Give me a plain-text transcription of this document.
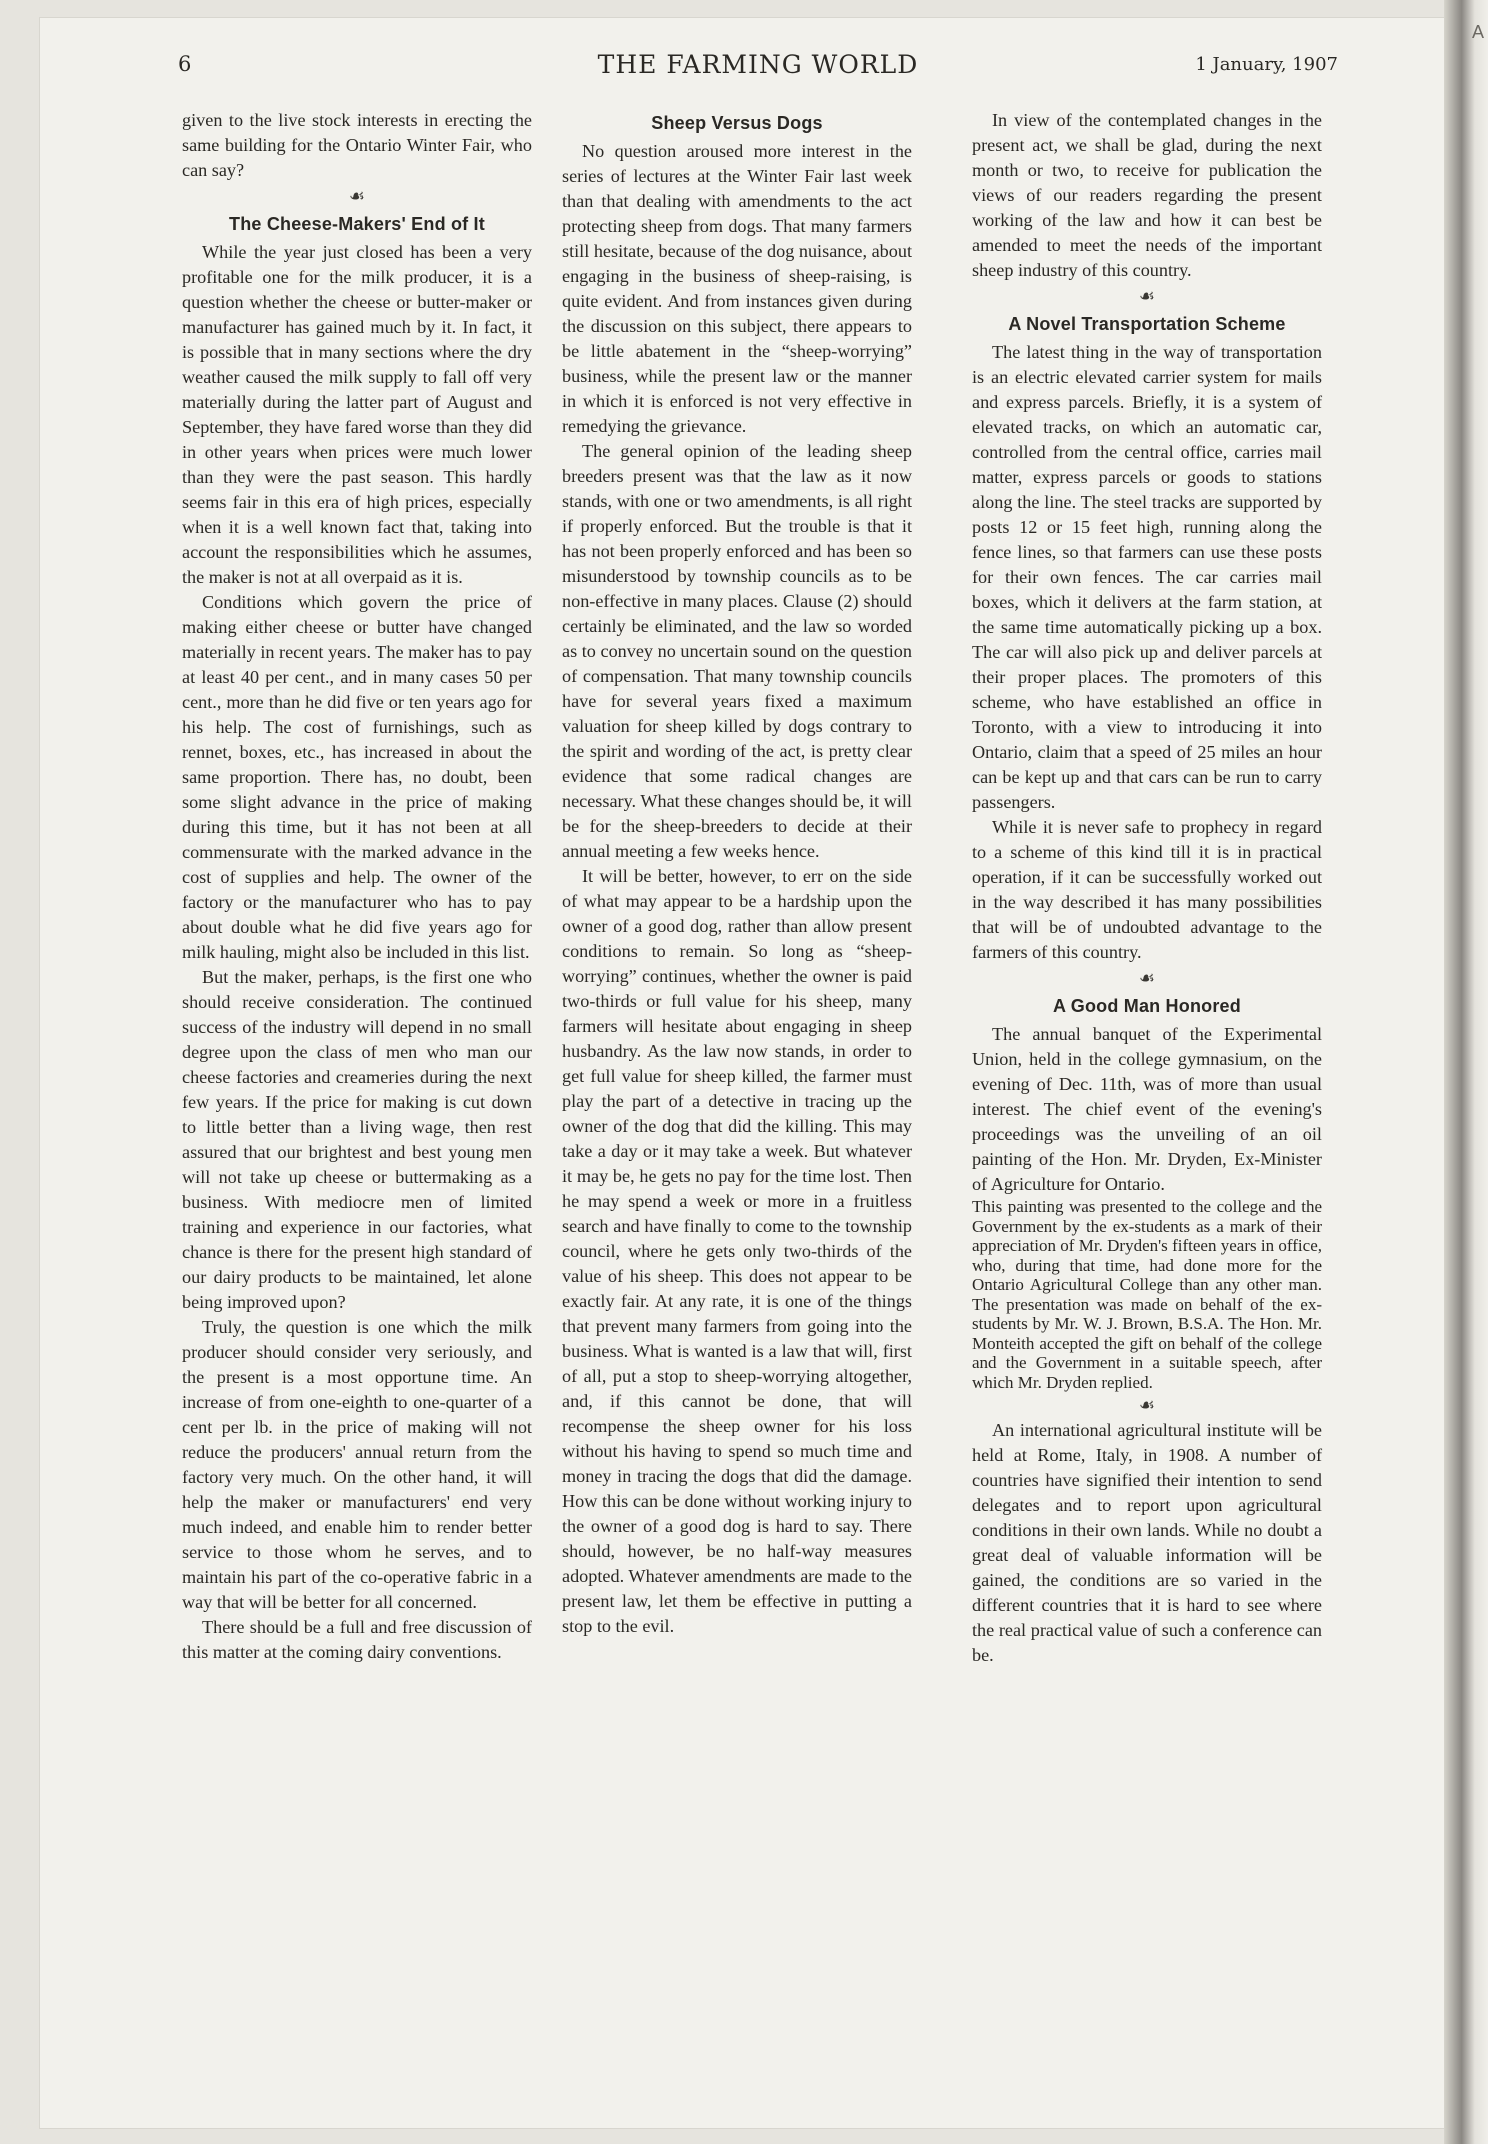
A
6	THE FARMING WORLD	1 January, 1907

given to the live stock interests in erecting the same building for the Ontario Winter Fair, who can say?

☙
The Cheese-Makers' End of It

While the year just closed has been a very profitable one for the milk producer, it is a question whether the cheese or butter-maker or manufacturer has gained much by it. In fact, it is possible that in many sections where the dry weather caused the milk supply to fall off very materially during the latter part of August and September, they have fared worse than they did in other years when prices were much lower than they were the past season. This hardly seems fair in this era of high prices, especially when it is a well known fact that, taking into account the responsibilities which he assumes, the maker is not at all overpaid as it is.

Conditions which govern the price of making either cheese or butter have changed materially in recent years. The maker has to pay at least 40 per cent., and in many cases 50 per cent., more than he did five or ten years ago for his help. The cost of furnishings, such as rennet, boxes, etc., has increased in about the same proportion. There has, no doubt, been some slight advance in the price of making during this time, but it has not been at all commensurate with the marked advance in the cost of supplies and help. The owner of the factory or the manufacturer who has to pay about double what he did five years ago for milk hauling, might also be included in this list.

But the maker, perhaps, is the first one who should receive consideration. The continued success of the industry will depend in no small degree upon the class of men who man our cheese factories and creameries during the next few years. If the price for making is cut down to little better than a living wage, then rest assured that our brightest and best young men will not take up cheese or buttermaking as a business. With mediocre men of limited training and experience in our factories, what chance is there for the present high standard of our dairy products to be maintained, let alone being improved upon?

Truly, the question is one which the milk producer should consider very seriously, and the present is a most opportune time. An increase of from one-eighth to one-quarter of a cent per lb. in the price of making will not reduce the producers' annual return from the factory very much. On the other hand, it will help the maker or manufacturers' end very much indeed, and enable him to render better service to those whom he serves, and to maintain his part of the co-operative fabric in a way that will be better for all concerned.

There should be a full and free discussion of this matter at the coming dairy conventions.

Sheep Versus Dogs

No question aroused more interest in the series of lectures at the Winter Fair last week than that dealing with amendments to the act protecting sheep from dogs. That many farmers still hesitate, because of the dog nuisance, about engaging in the business of sheep-raising, is quite evident. And from instances given during the discussion on this subject, there appears to be little abatement in the “sheep-worrying” business, while the present law or the manner in which it is enforced is not very effective in remedying the grievance.

The general opinion of the leading sheep breeders present was that the law as it now stands, with one or two amendments, is all right if properly enforced. But the trouble is that it has not been properly enforced and has been so misunderstood by township councils as to be non-effective in many places. Clause (2) should certainly be eliminated, and the law so worded as to convey no uncertain sound on the question of compensation. That many township councils have for several years fixed a maximum valuation for sheep killed by dogs contrary to the spirit and wording of the act, is pretty clear evidence that some radical changes are necessary. What these changes should be, it will be for the sheep-breeders to decide at their annual meeting a few weeks hence.

It will be better, however, to err on the side of what may appear to be a hardship upon the owner of a good dog, rather than allow present conditions to remain. So long as “sheep-worrying” continues, whether the owner is paid two-thirds or full value for his sheep, many farmers will hesitate about engaging in sheep husbandry. As the law now stands, in order to get full value for sheep killed, the farmer must play the part of a detective in tracing up the owner of the dog that did the killing. This may take a day or it may take a week. But whatever it may be, he gets no pay for the time lost. Then he may spend a week or more in a fruitless search and have finally to come to the township council, where he gets only two-thirds of the value of his sheep. This does not appear to be exactly fair. At any rate, it is one of the things that prevent many farmers from going into the business. What is wanted is a law that will, first of all, put a stop to sheep-worrying altogether, and, if this cannot be done, that will recompense the sheep owner for his loss without his having to spend so much time and money in tracing the dogs that did the damage. How this can be done without working injury to the owner of a good dog is hard to say. There should, however, be no half-way measures adopted. Whatever amendments are made to the present law, let them be effective in putting a stop to the evil.

In view of the contemplated changes in the present act, we shall be glad, during the next month or two, to receive for publication the views of our readers regarding the present working of the law and how it can best be amended to meet the needs of the important sheep industry of this country.

☙
A Novel Transportation Scheme

The latest thing in the way of transportation is an electric elevated carrier system for mails and express parcels. Briefly, it is a system of elevated tracks, on which an automatic car, controlled from the central office, carries mail matter, express parcels or goods to stations along the line. The steel tracks are supported by posts 12 or 15 feet high, running along the fence lines, so that farmers can use these posts for their own fences. The car carries mail boxes, which it delivers at the farm station, at the same time automatically picking up a box. The car will also pick up and deliver parcels at their proper places. The promoters of this scheme, who have established an office in Toronto, with a view to introducing it into Ontario, claim that a speed of 25 miles an hour can be kept up and that cars can be run to carry passengers.

While it is never safe to prophecy in regard to a scheme of this kind till it is in practical operation, if it can be successfully worked out in the way described it has many possibilities that will be of undoubted advantage to the farmers of this country.

☙
A Good Man Honored

The annual banquet of the Experimental Union, held in the college gymnasium, on the evening of Dec. 11th, was of more than usual interest. The chief event of the evening's proceedings was the unveiling of an oil painting of the Hon. Mr. Dryden, Ex-Minister of Agriculture for Ontario.

This painting was presented to the college and the Government by the ex-students as a mark of their appreciation of Mr. Dryden's fifteen years in office, who, during that time, had done more for the Ontario Agricultural College than any other man. The presentation was made on behalf of the ex-students by Mr. W. J. Brown, B.S.A. The Hon. Mr. Monteith accepted the gift on behalf of the college and the Government in a suitable speech, after which Mr. Dryden replied.

☙

An international agricultural institute will be held at Rome, Italy, in 1908. A number of countries have signified their intention to send delegates and to report upon agricultural conditions in their own lands. While no doubt a great deal of valuable information will be gained, the conditions are so varied in the different countries that it is hard to see where the real practical value of such a conference can be.
